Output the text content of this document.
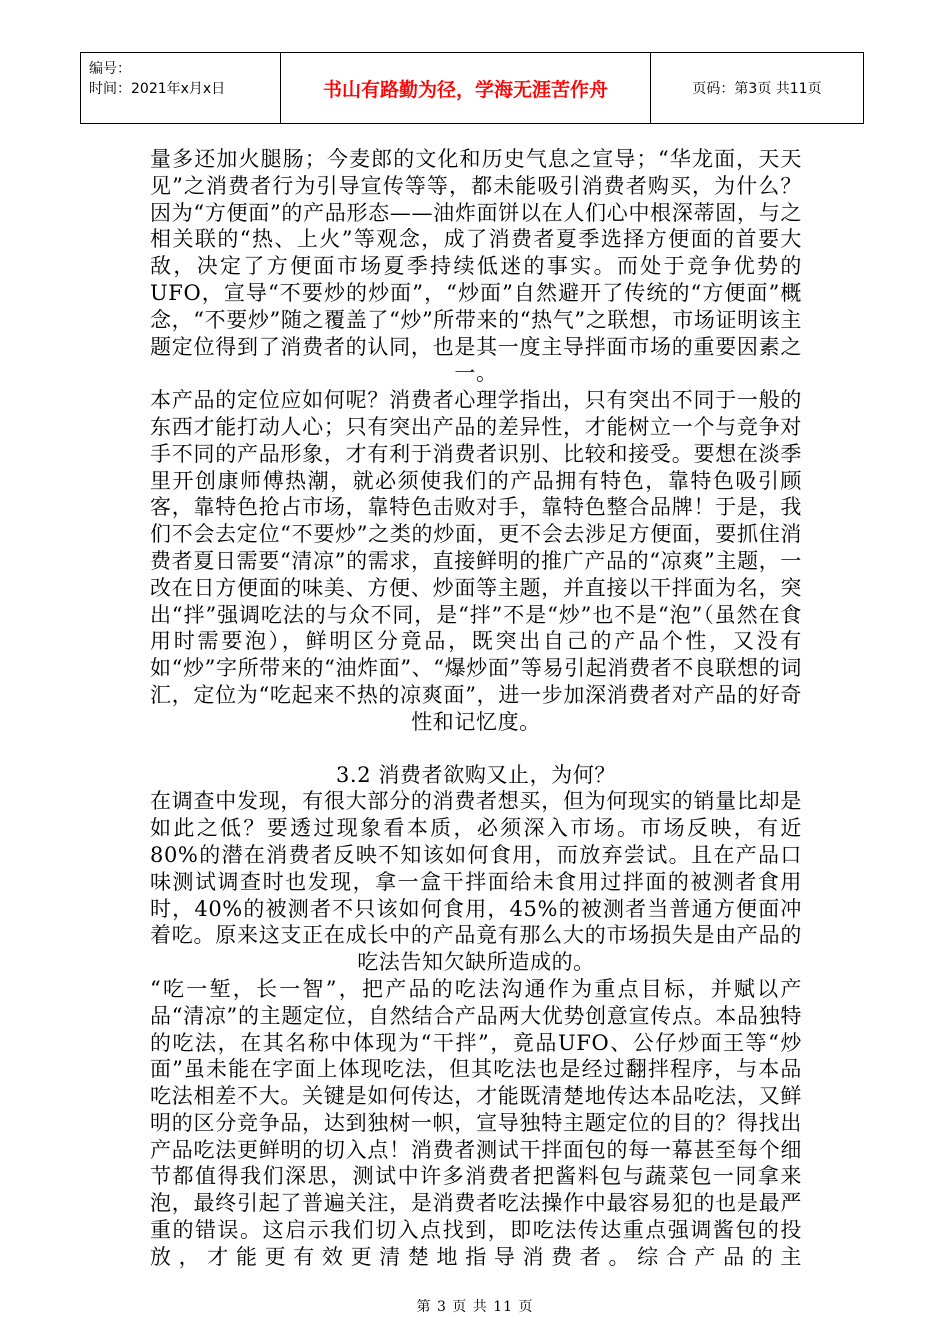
编号：
时间：2021年x月x日	书山有路勤为径，学海无涯苦作舟	页码：第3页 共11页

量多还加火腿肠；今麦郎的文化和历史气息之宣导；“华龙面，天天见”之消费者行为引导宣传等等，都未能吸引消费者购买，为什么？因为“方便面”的产品形态——油炸面饼以在人们心中根深蒂固，与之相关联的“热、上火”等观念，成了消费者夏季选择方便面的首要大敌，决定了方便面市场夏季持续低迷的事实。而处于竞争优势的UFO，宣导“不要炒的炒面”，“炒面”自然避开了传统的“方便面”概念，“不要炒”随之覆盖了“炒”所带来的“热气”之联想，市场证明该主题定位得到了消费者的认同，也是其一度主导拌面市场的重要因素之一。

本产品的定位应如何呢？消费者心理学指出，只有突出不同于一般的东西才能打动人心；只有突出产品的差异性，才能树立一个与竞争对手不同的产品形象，才有利于消费者识别、比较和接受。要想在淡季里开创康师傅热潮，就必须使我们的产品拥有特色，靠特色吸引顾客，靠特色抢占市场，靠特色击败对手，靠特色整合品牌！于是，我们不会去定位“不要炒”之类的炒面，更不会去涉足方便面，要抓住消费者夏日需要“清凉”的需求，直接鲜明的推广产品的“凉爽”主题，一改在日方便面的味美、方便、炒面等主题，并直接以干拌面为名，突出“拌”强调吃法的与众不同，是“拌”不是“炒”也不是“泡”（虽然在食用时需要泡），鲜明区分竟品，既突出自己的产品个性，又没有如“炒”字所带来的“油炸面”、“爆炒面”等易引起消费者不良联想的词汇，定位为“吃起来不热的凉爽面”，进一步加深消费者对产品的好奇性和记忆度。

3.2 消费者欲购又止，为何？

在调查中发现，有很大部分的消费者想买，但为何现实的销量比却是如此之低？要透过现象看本质，必须深入市场。市场反映，有近80%的潜在消费者反映不知该如何食用，而放弃尝试。且在产品口味测试调查时也发现，拿一盒干拌面给未食用过拌面的被测者食用时，40%的被测者不只该如何食用，45%的被测者当普通方便面冲着吃。原来这支正在成长中的产品竟有那么大的市场损失是由产品的吃法告知欠缺所造成的。

“吃一堑，长一智”，把产品的吃法沟通作为重点目标，并赋以产品“清凉”的主题定位，自然结合产品两大优势创意宣传点。本品独特的吃法，在其名称中体现为“干拌”，竟品UFO、公仔炒面王等“炒面”虽未能在字面上体现吃法，但其吃法也是经过翻拌程序，与本品吃法相差不大。关键是如何传达，才能既清楚地传达本品吃法，又鲜明的区分竞争品，达到独树一帜，宣导独特主题定位的目的？得找出产品吃法更鲜明的切入点！消费者测试干拌面包的每一幕甚至每个细节都值得我们深思，测试中许多消费者把酱料包与蔬菜包一同拿来泡，最终引起了普遍关注，是消费者吃法操作中最容易犯的也是最严重的错误。这启示我们切入点找到，即吃法传达重点强调酱包的投放，才能更有效更清楚地指导消费者。综合产品的主

第 3 页 共 11 页
